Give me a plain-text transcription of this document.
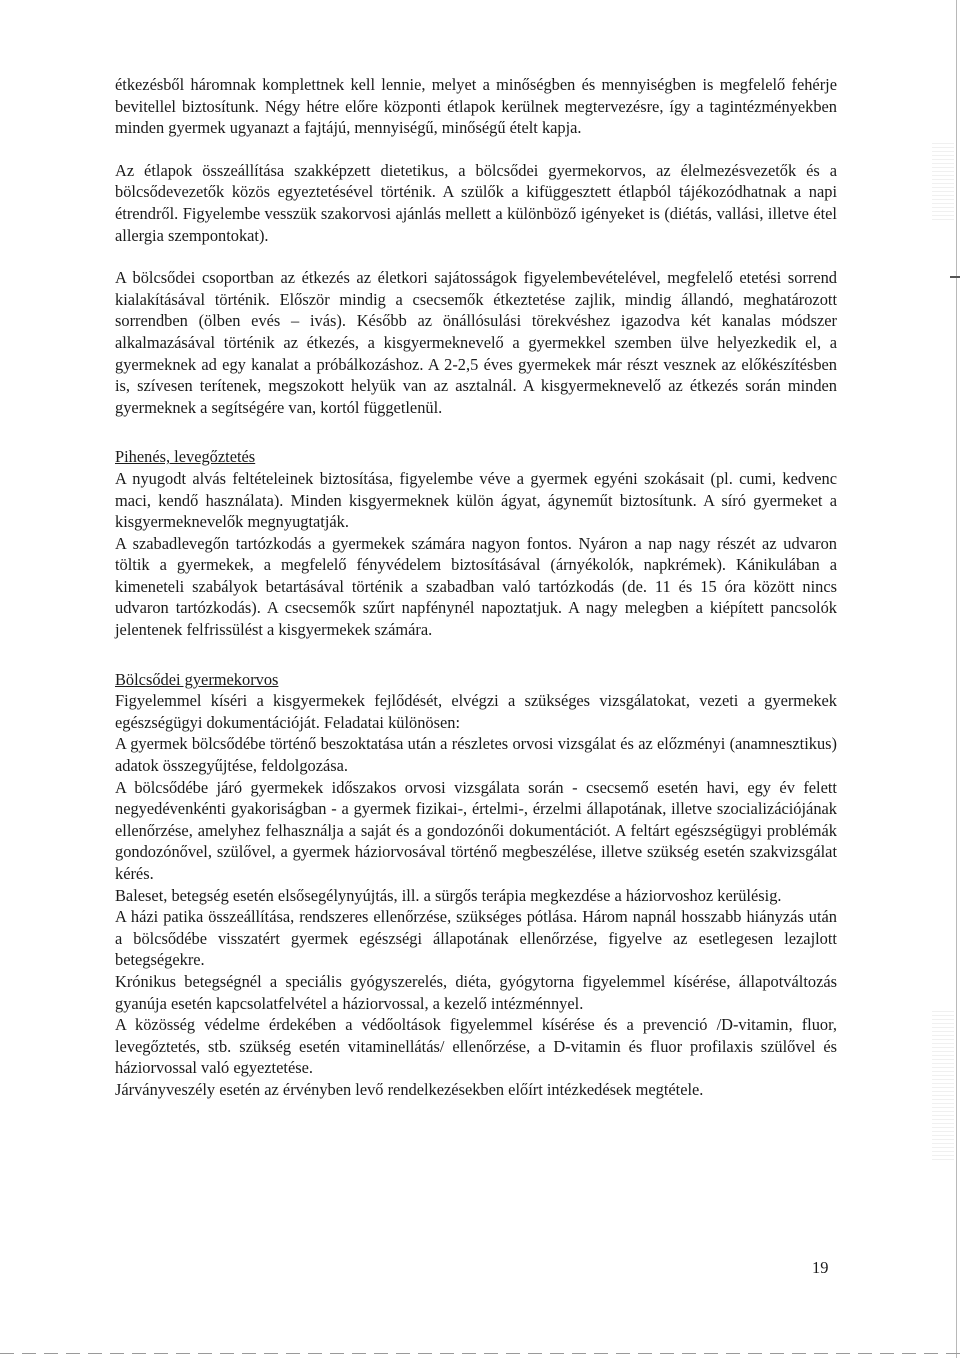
étkezésből háromnak komplettnek kell lennie, melyet a minőségben és mennyiségben is megfelelő fehérje bevitellel biztosítunk. Négy hétre előre központi étlapok kerülnek megtervezésre, így a tagintézményekben minden gyermek ugyanazt a fajtájú, mennyiségű, minőségű ételt kapja.

Az étlapok összeállítása szakképzett dietetikus, a bölcsődei gyermekorvos, az élelmezésvezetők és a bölcsődevezetők közös egyeztetésével történik. A szülők a kifüggesztett étlapból tájékozódhatnak a napi étrendről. Figyelembe vesszük szakorvosi ajánlás mellett a különböző igényeket is (diétás, vallási, illetve étel allergia szempontokat).

A bölcsődei csoportban az étkezés az életkori sajátosságok figyelembevételével, megfelelő etetési sorrend kialakításával történik. Először mindig a csecsemők étkeztetése zajlik, mindig állandó, meghatározott sorrendben (ölben evés – ivás). Később az önállósulási törekvéshez igazodva két kanalas módszer alkalmazásával történik az étkezés, a kisgyermeknevelő a gyermekkel szemben ülve helyezkedik el, a gyermeknek ad egy kanalat a próbálkozáshoz. A 2-2,5 éves gyermekek már részt vesznek az előkészítésben is, szívesen terítenek, megszokott helyük van az asztalnál. A kisgyermeknevelő az étkezés során minden gyermeknek a segítségére van, kortól függetlenül.

Pihenés, levegőztetés

A nyugodt alvás feltételeinek biztosítása, figyelembe véve a gyermek egyéni szokásait (pl. cumi, kedvenc maci, kendő használata). Minden kisgyermeknek külön ágyat, ágyneműt biztosítunk. A síró gyermeket a kisgyermeknevelők megnyugtatják.

A szabadlevegőn tartózkodás a gyermekek számára nagyon fontos. Nyáron a nap nagy részét az udvaron töltik a gyermekek, a megfelelő fényvédelem biztosításával (árnyékolók, napkrémek). Kánikulában a kimeneteli szabályok betartásával történik a szabadban való tartózkodás (de. 11 és 15 óra között nincs udvaron tartózkodás). A csecsemők szűrt napfénynél napoztatjuk. A nagy melegben a kiépített pancsolók jelentenek felfrissülést a kisgyermekek számára.

Bölcsődei gyermekorvos

Figyelemmel kíséri a kisgyermekek fejlődését, elvégzi a szükséges vizsgálatokat, vezeti a gyermekek egészségügyi dokumentációját. Feladatai különösen:

A gyermek bölcsődébe történő beszoktatása után a részletes orvosi vizsgálat és az előzményi (anamnesztikus) adatok összegyűjtése, feldolgozása.

A bölcsődébe járó gyermekek időszakos orvosi vizsgálata során - csecsemő esetén havi, egy év felett negyedévenkénti gyakoriságban - a gyermek fizikai-, értelmi-, érzelmi állapotának, illetve szocializációjának ellenőrzése, amelyhez felhasználja a saját és a gondozónői dokumentációt. A feltárt egészségügyi problémák gondozónővel, szülővel, a gyermek háziorvosával történő megbeszélése, illetve szükség esetén szakvizsgálat kérés.

Baleset, betegség esetén elsősegélynyújtás, ill. a sürgős terápia megkezdése a háziorvoshoz kerülésig.

A házi patika összeállítása, rendszeres ellenőrzése, szükséges pótlása. Három napnál hosszabb hiányzás után a bölcsődébe visszatért gyermek egészségi állapotának ellenőrzése, figyelve az esetlegesen lezajlott betegségekre.

Krónikus betegségnél a speciális gyógyszerelés, diéta, gyógytorna figyelemmel kísérése, állapotváltozás gyanúja esetén kapcsolatfelvétel a háziorvossal, a kezelő intézménnyel.

A közösség védelme érdekében a védőoltások figyelemmel kísérése és a prevenció /D-vitamin, fluor, levegőztetés, stb. szükség esetén vitaminellátás/ ellenőrzése, a D-vitamin és fluor profilaxis szülővel és háziorvossal való egyeztetése.

Járványveszély esetén az érvényben levő rendelkezésekben előírt intézkedések megtétele.

19
